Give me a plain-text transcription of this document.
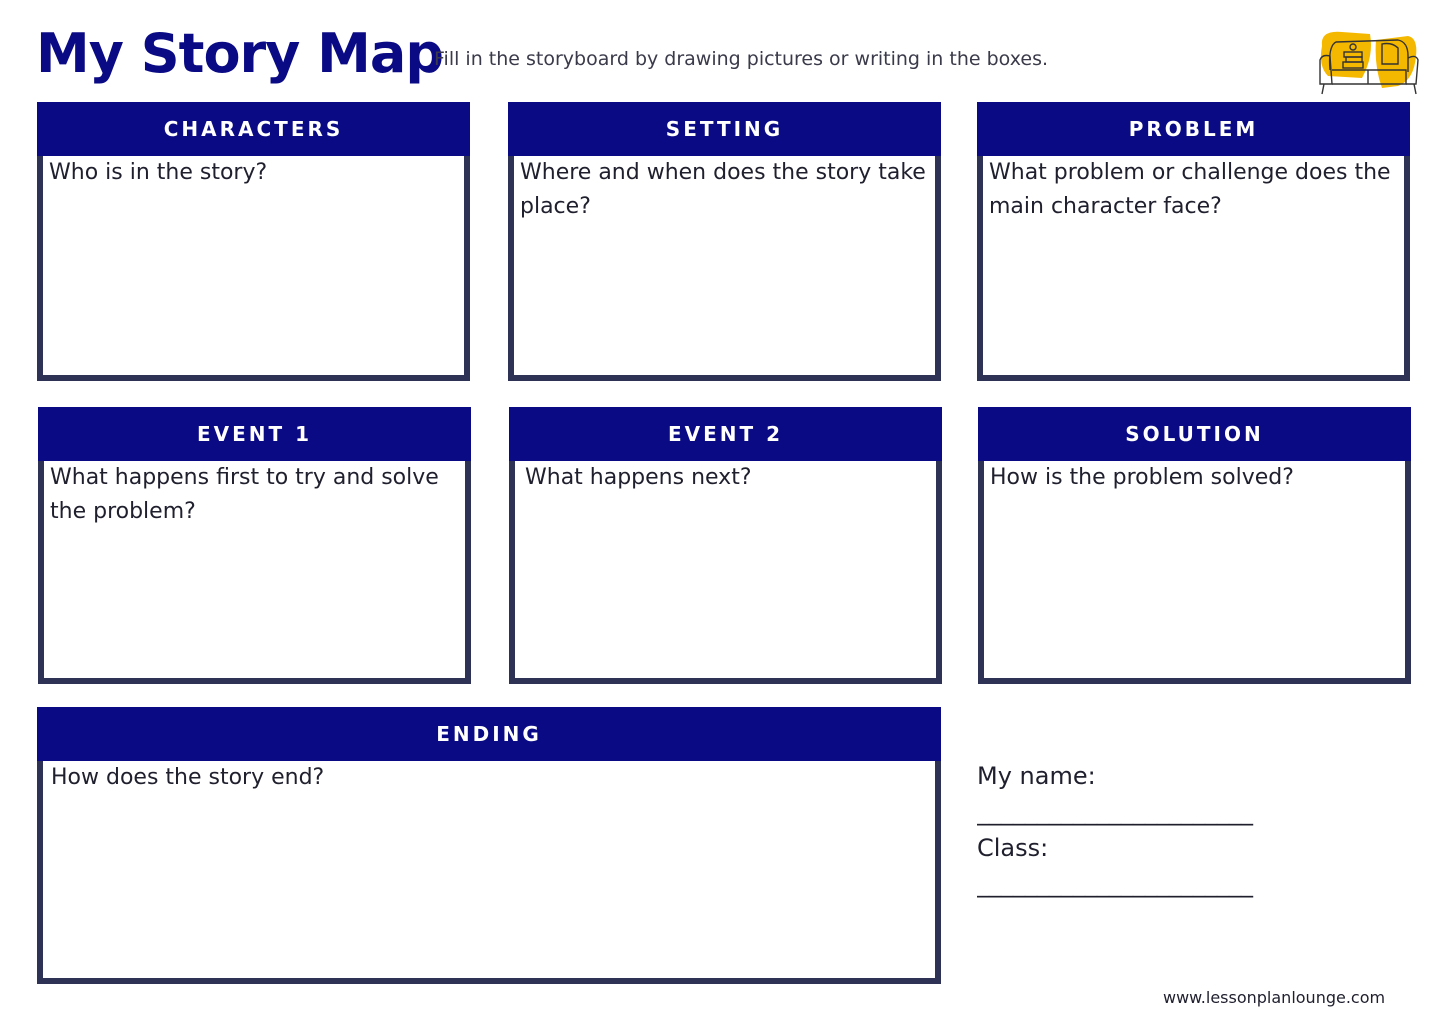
My Story Map
Fill in the storyboard by drawing pictures or writing in the boxes.
CHARACTERS
Who is in the story?
SETTING
Where and when does the story take place?
PROBLEM
What problem or challenge does the main character face?
EVENT 1
What happens first to try and solve the problem?
EVENT 2
What happens next?
SOLUTION
How is the problem solved?
ENDING
How does the story end?	My name:
_______________________
Class:
_______________________
www.lessonplanlounge.com
